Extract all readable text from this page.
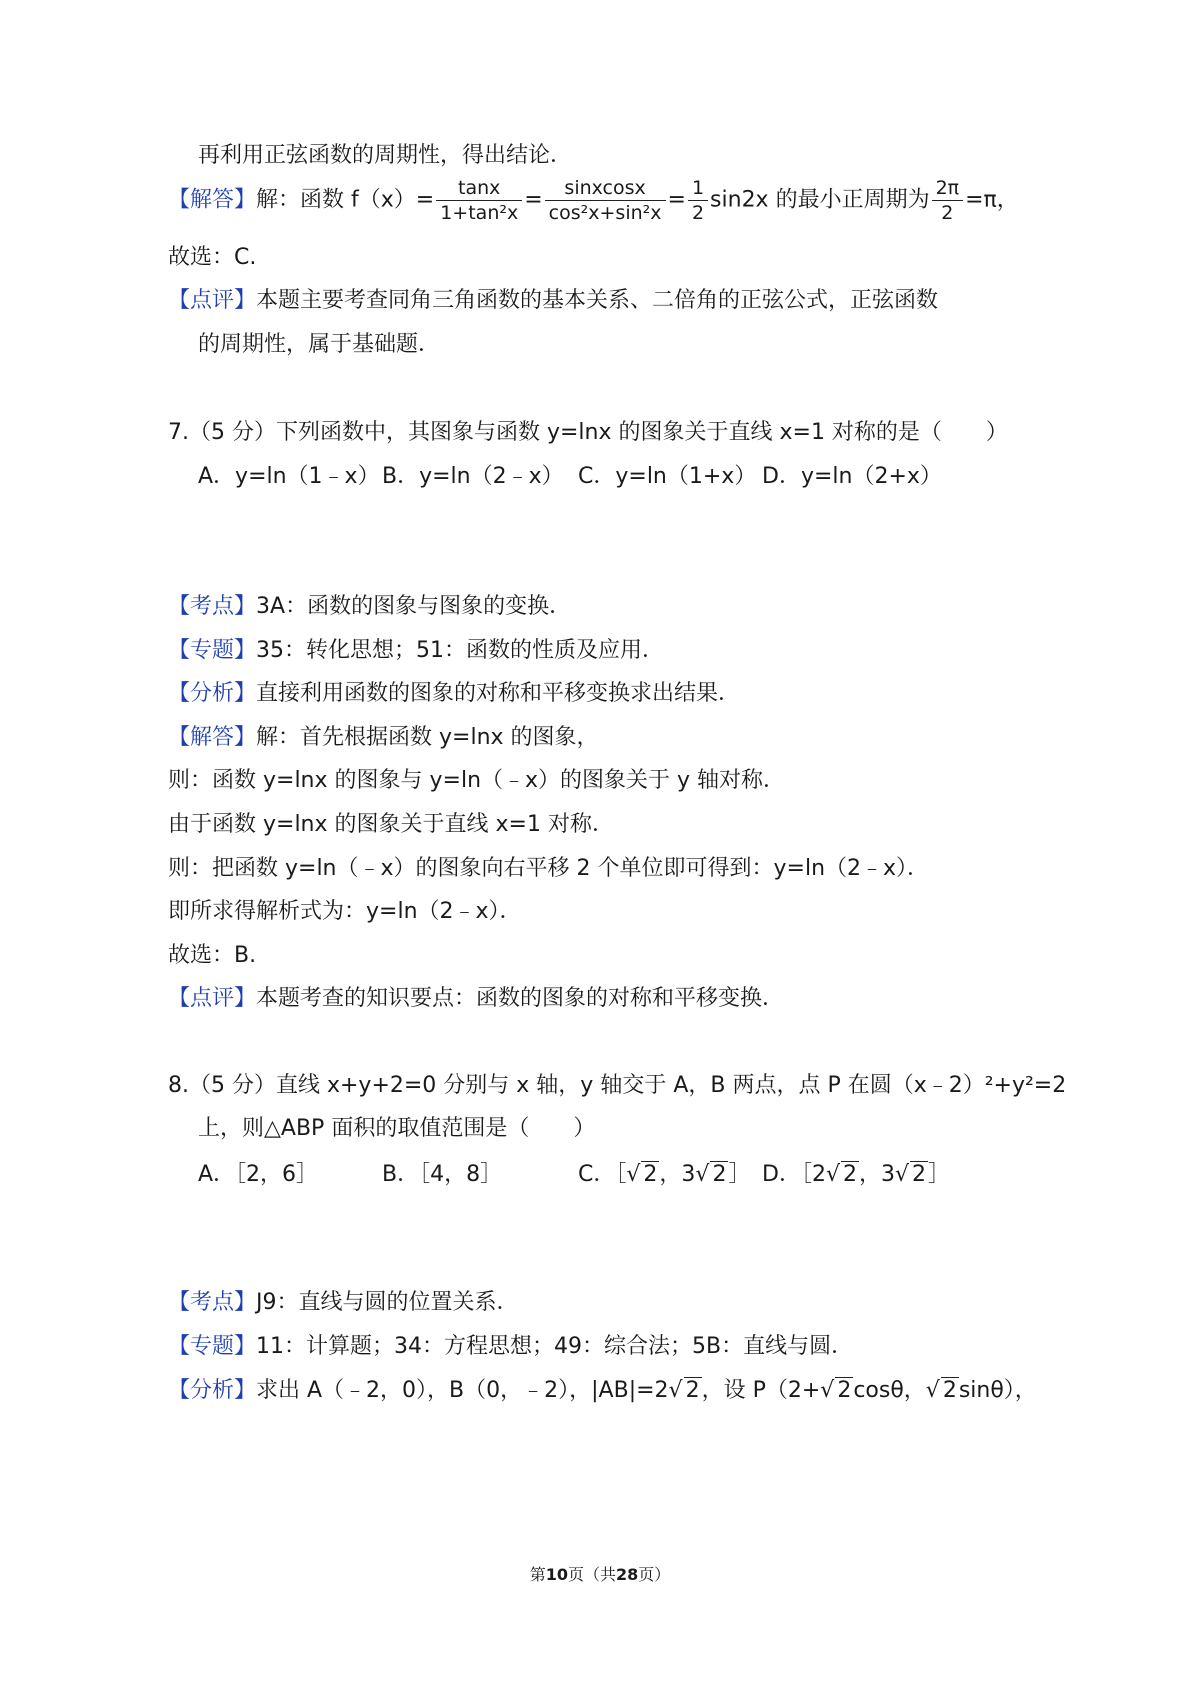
再利用正弦函数的周期性，得出结论．
【解答】解：函数 $f(x)= \frac{\tan x}{\text{1+tan²x}} = \frac{\text{sinxcosx}}{\text{cos²x+sin²x}} = \frac{1}{2} \sin 2x$ 的最小正周期为 $\frac{2\pi}{2} =\pi$，
故选：C.
【点评】本题主要考查同角三角函数的基本关系、二倍角的正弦公式，正弦函数
的周期性，属于基础题．
7.（5 分）下列函数中，其图象与函数 y=lnx 的图象关于直线 x=1 对称的是（　　）
A．y=ln（1﹣x） B．y=ln（2﹣x） C．y=ln（1+x） D．y=ln（2+x）
【考点】3A：函数的图象与图象的变换．
【专题】35：转化思想；51：函数的性质及应用．
【分析】直接利用函数的图象的对称和平移变换求出结果．
【解答】解：首先根据函数 y=lnx 的图象，
则：函数 y=lnx 的图象与 y=ln（﹣x）的图象关于 y 轴对称．
由于函数 y=lnx 的图象关于直线 x=1 对称．
则：把函数 y=ln（﹣x）的图象向右平移 2 个单位即可得到：y=ln（2﹣x）．
即所求得解析式为：y=ln（2﹣x）．
故选：B.
【点评】本题考查的知识要点：函数的图象的对称和平移变换．
8.（5 分）直线 x+y+2=0 分别与 x 轴，y 轴交于 A，B 两点，点 P 在圆（x﹣2）²+y²=2
上，则△ABP 面积的取值范围是（　　）
A．［2，6］	B．［4，8］	C．［√ 2，3√ 2］ D．［2√ 2，3√ 2］
【考点】J9：直线与圆的位置关系．
【专题】11：计算题；34：方程思想；49：综合法；5B：直线与圆．
【分析】求出 A（﹣2，0），B（0，﹣2），|AB|=2√ 2，设 P（2+√ 2cosθ，√ 2sinθ），
第10页（共28页）
